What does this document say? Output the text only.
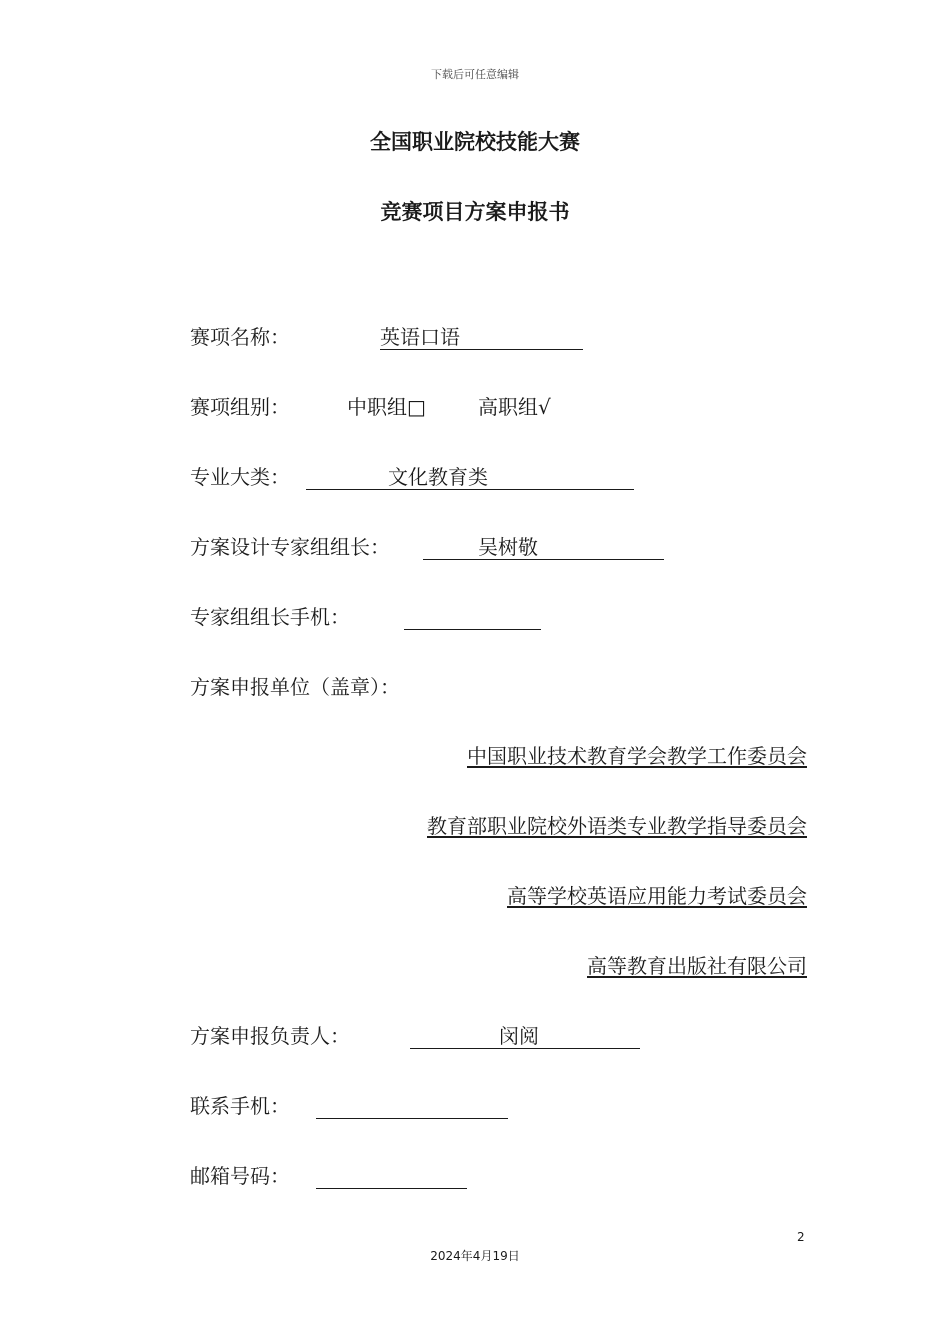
下载后可任意编辑
全国职业院校技能大赛
竞赛项目方案申报书
赛项名称：	英语口语
赛项组别：	中职组□	高职组√
专业大类：	文化教育类
方案设计专家组组长：	吴树敬
专家组组长手机：
方案申报单位（盖章）：
中国职业技术教育学会教学工作委员会
教育部职业院校外语类专业教学指导委员会
高等学校英语应用能力考试委员会
高等教育出版社有限公司
方案申报负责人：	闵阅
联系手机：
邮箱号码：
2
2024年4月19日
